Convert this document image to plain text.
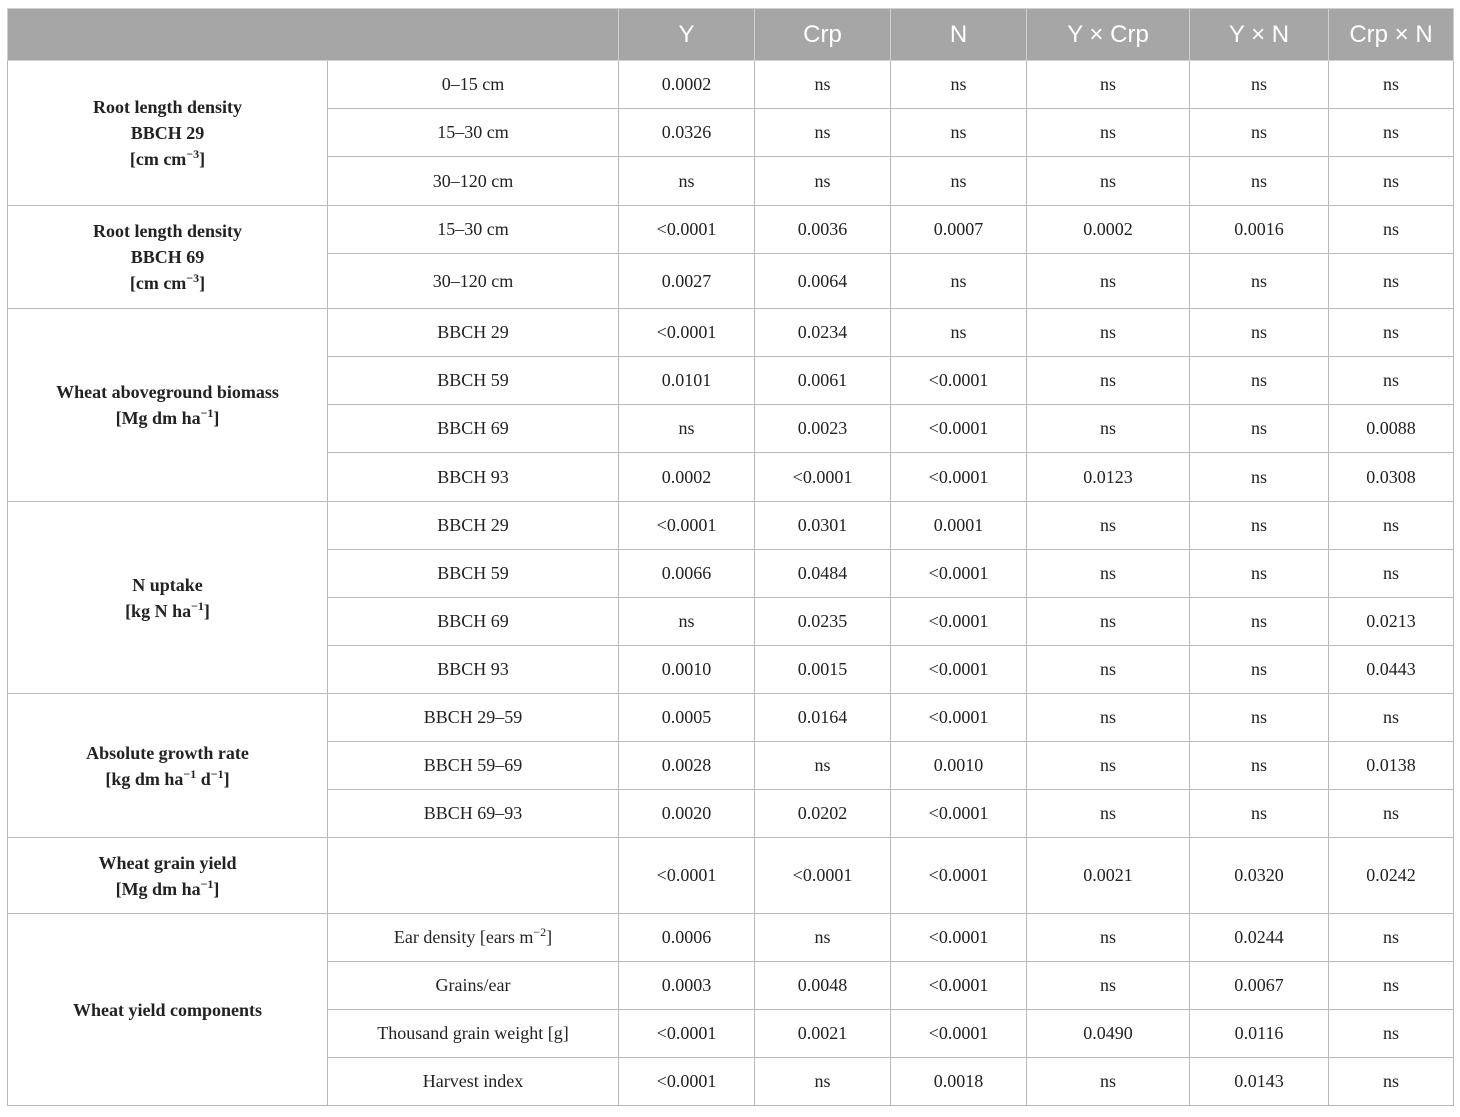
		Y	Crp	N	Y × Crp	Y × N	Crp × N
Root length density
BBCH 29
[cm $cm^{-3}$]	0–15 cm	0.0002	ns	ns	ns	ns	ns
	15–30 cm	0.0326	ns	ns	ns	ns	ns
	30–120 cm	ns	ns	ns	ns	ns	ns
Root length density
BBCH 69
[cm $cm^{-3}$]	15–30 cm	<0.0001	0.0036	0.0007	0.0002	0.0016	ns
	30–120 cm	0.0027	0.0064	ns	ns	ns	ns
Wheat aboveground biomass
[Mg dm $ha^{-1}$]	BBCH 29	<0.0001	0.0234	ns	ns	ns	ns
	BBCH 59	0.0101	0.0061	<0.0001	ns	ns	ns
	BBCH 69	ns	0.0023	<0.0001	ns	ns	0.0088
	BBCH 93	0.0002	<0.0001	<0.0001	0.0123	ns	0.0308
N uptake
[kg N $ha^{-1}$]	BBCH 29	<0.0001	0.0301	0.0001	ns	ns	ns
	BBCH 59	0.0066	0.0484	<0.0001	ns	ns	ns
	BBCH 69	ns	0.0235	<0.0001	ns	ns	0.0213
	BBCH 93	0.0010	0.0015	<0.0001	ns	ns	0.0443
Absolute growth rate
[kg dm $ha^{-1}$ $d^{-1}$]	BBCH 29–59	0.0005	0.0164	<0.0001	ns	ns	ns
	BBCH 59–69	0.0028	ns	0.0010	ns	ns	0.0138
	BBCH 69–93	0.0020	0.0202	<0.0001	ns	ns	ns
Wheat grain yield
[Mg dm $ha^{-1}$]		<0.0001	<0.0001	<0.0001	0.0021	0.0320	0.0242
Wheat yield components	Ear density [ears $m^{-2}$]	0.0006	ns	<0.0001	ns	0.0244	ns
	Grains/ear	0.0003	0.0048	<0.0001	ns	0.0067	ns
	Thousand grain weight [g]	<0.0001	0.0021	<0.0001	0.0490	0.0116	ns
	Harvest index	<0.0001	ns	0.0018	ns	0.0143	ns
